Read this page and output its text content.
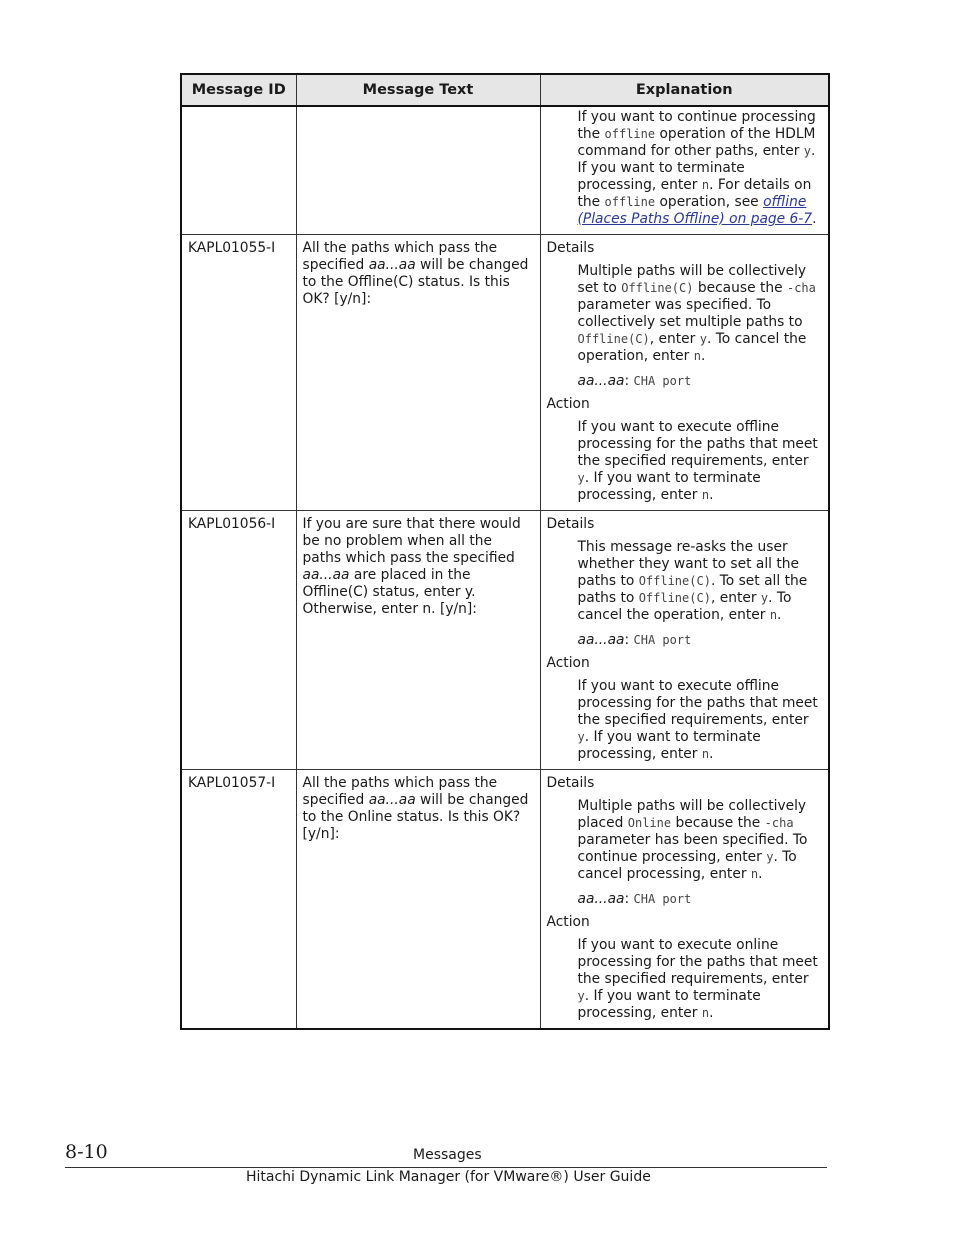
Message ID	Message Text	Explanation

		If you want to continue processing the offline operation of the HDLM command for other paths, enter y. If you want to terminate processing, enter n. For details on the offline operation, see offline (Places Paths Offline) on page 6-7.

KAPL01055-I	All the paths which pass the specified aa...aa will be changed to the Offline(C) status. Is this OK? [y/n]:	Details

Multiple paths will be collectively set to Offline(C) because the -cha parameter was specified. To collectively set multiple paths to Offline(C), enter y. To cancel the operation, enter n.

aa...aa: CHA port

Action

If you want to execute offline processing for the paths that meet the specified requirements, enter y. If you want to terminate processing, enter n.

KAPL01056-I	If you are sure that there would be no problem when all the paths which pass the specified aa...aa are placed in the Offline(C) status, enter y. Otherwise, enter n. [y/n]:	Details

This message re-asks the user whether they want to set all the paths to Offline(C). To set all the paths to Offline(C), enter y. To cancel the operation, enter n.

aa...aa: CHA port

Action

If you want to execute offline processing for the paths that meet the specified requirements, enter y. If you want to terminate processing, enter n.

KAPL01057-I	All the paths which pass the specified aa...aa will be changed to the Online status. Is this OK? [y/n]:	Details

Multiple paths will be collectively placed Online because the -cha parameter has been specified. To continue processing, enter y. To cancel processing, enter n.

aa...aa: CHA port

Action

If you want to execute online processing for the paths that meet the specified requirements, enter y. If you want to terminate processing, enter n.

8-10	Messages
Hitachi Dynamic Link Manager (for VMware®) User Guide
